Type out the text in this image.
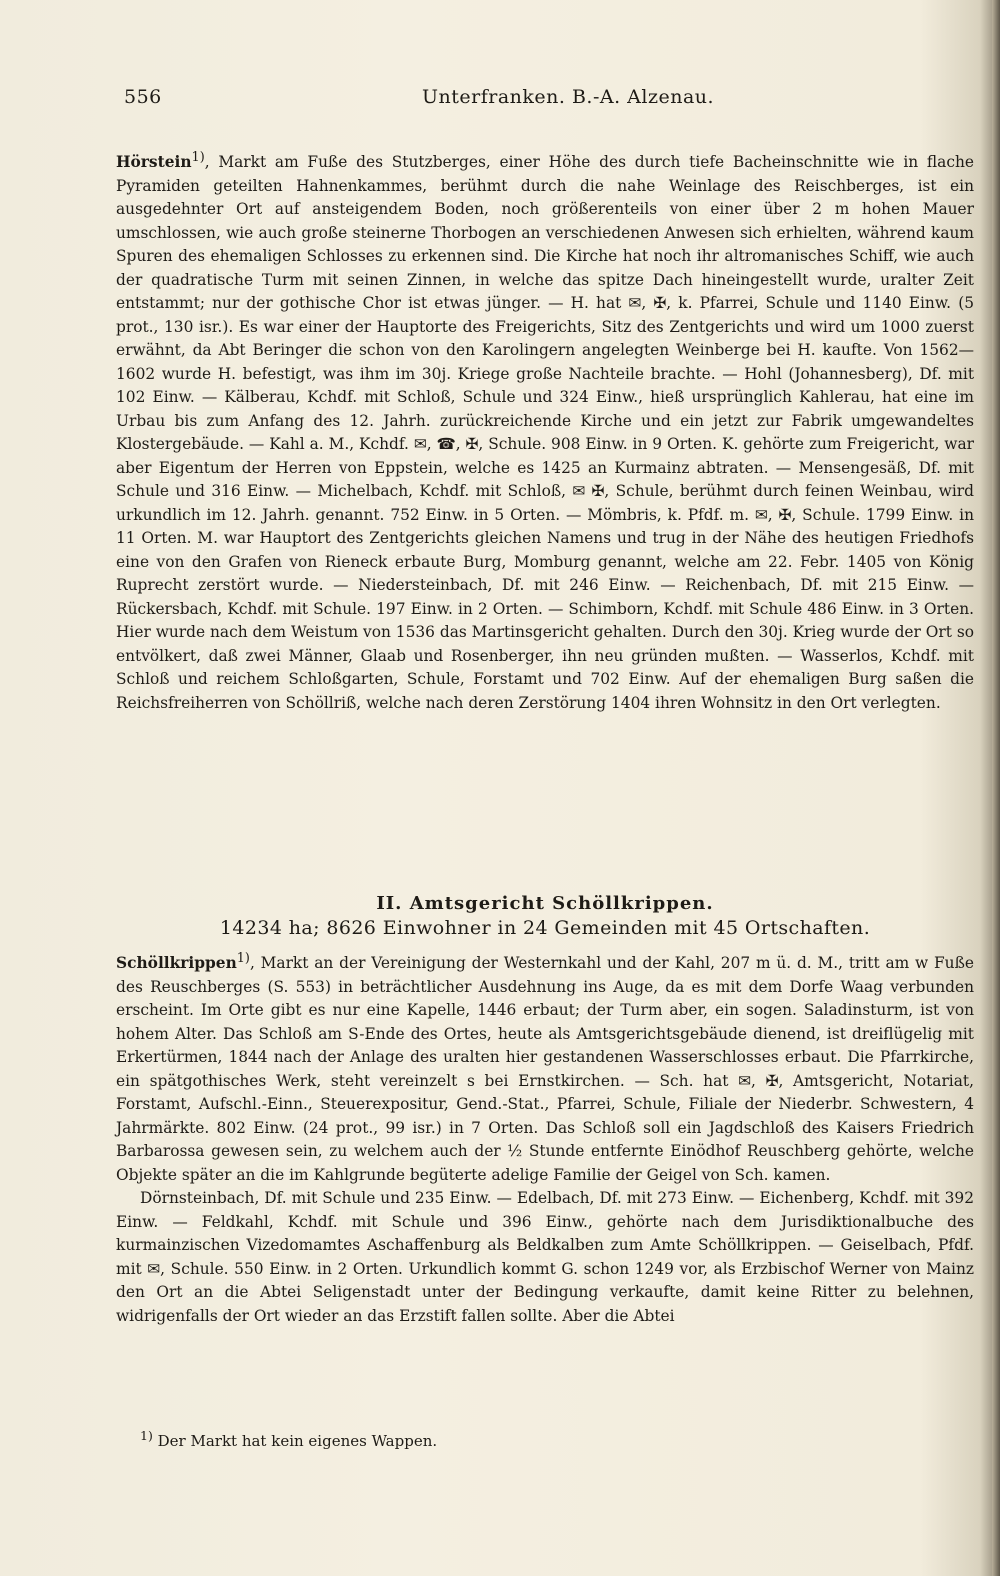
556	Unterfranken. B.-A. Alzenau.

Hörstein$^{1)}$, Markt am Fuße des Stutzberges, einer Höhe des durch tiefe Bacheinschnitte wie in flache Pyramiden geteilten Hahnenkammes, berühmt durch die nahe Weinlage des Reischberges, ist ein ausgedehnter Ort auf ansteigendem Boden, noch größerenteils von einer über 2 m hohen Mauer umschlossen, wie auch große steinerne Thorbogen an verschiedenen Anwesen sich erhielten, während kaum Spuren des ehemaligen Schlosses zu erkennen sind. Die Kirche hat noch ihr altromanisches Schiff, wie auch der quadratische Turm mit seinen Zinnen, in welche das spitze Dach hineingestellt wurde, uralter Zeit entstammt; nur der gothische Chor ist etwas jünger. — H. hat ✉, ✠, k. Pfarrei, Schule und 1140 Einw. (5 prot., 130 isr.). Es war einer der Hauptorte des Freigerichts, Sitz des Zentgerichts und wird um 1000 zuerst erwähnt, da Abt Beringer die schon von den Karolingern angelegten Weinberge bei H. kaufte. Von 1562—1602 wurde H. befestigt, was ihm im 30j. Kriege große Nachteile brachte. — Hohl (Johannesberg), Df. mit 102 Einw. — Kälberau, Kchdf. mit Schloß, Schule und 324 Einw., hieß ursprünglich Kahlerau, hat eine im Urbau bis zum Anfang des 12. Jahrh. zurückreichende Kirche und ein jetzt zur Fabrik umgewandeltes Klostergebäude. — Kahl a. M., Kchdf. ✉, ☎, ✠, Schule. 908 Einw. in 9 Orten. K. gehörte zum Freigericht, war aber Eigentum der Herren von Eppstein, welche es 1425 an Kurmainz abtraten. — Mensengesäß, Df. mit Schule und 316 Einw. — Michelbach, Kchdf. mit Schloß, ✉ ✠, Schule, berühmt durch feinen Weinbau, wird urkundlich im 12. Jahrh. genannt. 752 Einw. in 5 Orten. — Mömbris, k. Pfdf. m. ✉, ✠, Schule. 1799 Einw. in 11 Orten. M. war Hauptort des Zentgerichts gleichen Namens und trug in der Nähe des heutigen Friedhofs eine von den Grafen von Rieneck erbaute Burg, Momburg genannt, welche am 22. Febr. 1405 von König Ruprecht zerstört wurde. — Niedersteinbach, Df. mit 246 Einw. — Reichenbach, Df. mit 215 Einw. — Rückersbach, Kchdf. mit Schule. 197 Einw. in 2 Orten. — Schimborn, Kchdf. mit Schule 486 Einw. in 3 Orten. Hier wurde nach dem Weistum von 1536 das Martinsgericht gehalten. Durch den 30j. Krieg wurde der Ort so entvölkert, daß zwei Männer, Glaab und Rosenberger, ihn neu gründen mußten. — Wasserlos, Kchdf. mit Schloß und reichem Schloßgarten, Schule, Forstamt und 702 Einw. Auf der ehemaligen Burg saßen die Reichsfreiherren von Schöllriß, welche nach deren Zerstörung 1404 ihren Wohnsitz in den Ort verlegten.

II. Amtsgericht Schöllkrippen.
14234 ha; 8626 Einwohner in 24 Gemeinden mit 45 Ortschaften.

Schöllkrippen$^{1)}$, Markt an der Vereinigung der Westernkahl und der Kahl, 207 m ü. d. M., tritt am w Fuße des Reuschberges (S. 553) in beträchtlicher Ausdehnung ins Auge, da es mit dem Dorfe Waag verbunden erscheint. Im Orte gibt es nur eine Kapelle, 1446 erbaut; der Turm aber, ein sogen. Saladinsturm, ist von hohem Alter. Das Schloß am S-Ende des Ortes, heute als Amtsgerichtsgebäude dienend, ist dreiflügelig mit Erkertürmen, 1844 nach der Anlage des uralten hier gestandenen Wasserschlosses erbaut. Die Pfarrkirche, ein spätgothisches Werk, steht vereinzelt s bei Ernstkirchen. — Sch. hat ✉, ✠, Amtsgericht, Notariat, Forstamt, Aufschl.-Einn., Steuerexpositur, Gend.-Stat., Pfarrei, Schule, Filiale der Niederbr. Schwestern, 4 Jahrmärkte. 802 Einw. (24 prot., 99 isr.) in 7 Orten. Das Schloß soll ein Jagdschloß des Kaisers Friedrich Barbarossa gewesen sein, zu welchem auch der ½ Stunde entfernte Einödhof Reuschberg gehörte, welche Objekte später an die im Kahlgrunde begüterte adelige Familie der Geigel von Sch. kamen.

Dörnsteinbach, Df. mit Schule und 235 Einw. — Edelbach, Df. mit 273 Einw. — Eichenberg, Kchdf. mit 392 Einw. — Feldkahl, Kchdf. mit Schule und 396 Einw., gehörte nach dem Jurisdiktionalbuche des kurmainzischen Vizedomamtes Aschaffenburg als Beldkalben zum Amte Schöllkrippen. — Geiselbach, Pfdf. mit ✉, Schule. 550 Einw. in 2 Orten. Urkundlich kommt G. schon 1249 vor, als Erzbischof Werner von Mainz den Ort an die Abtei Seligenstadt unter der Bedingung verkaufte, damit keine Ritter zu belehnen, widrigenfalls der Ort wieder an das Erzstift fallen sollte. Aber die Abtei

$^{1)}$ Der Markt hat kein eigenes Wappen.
